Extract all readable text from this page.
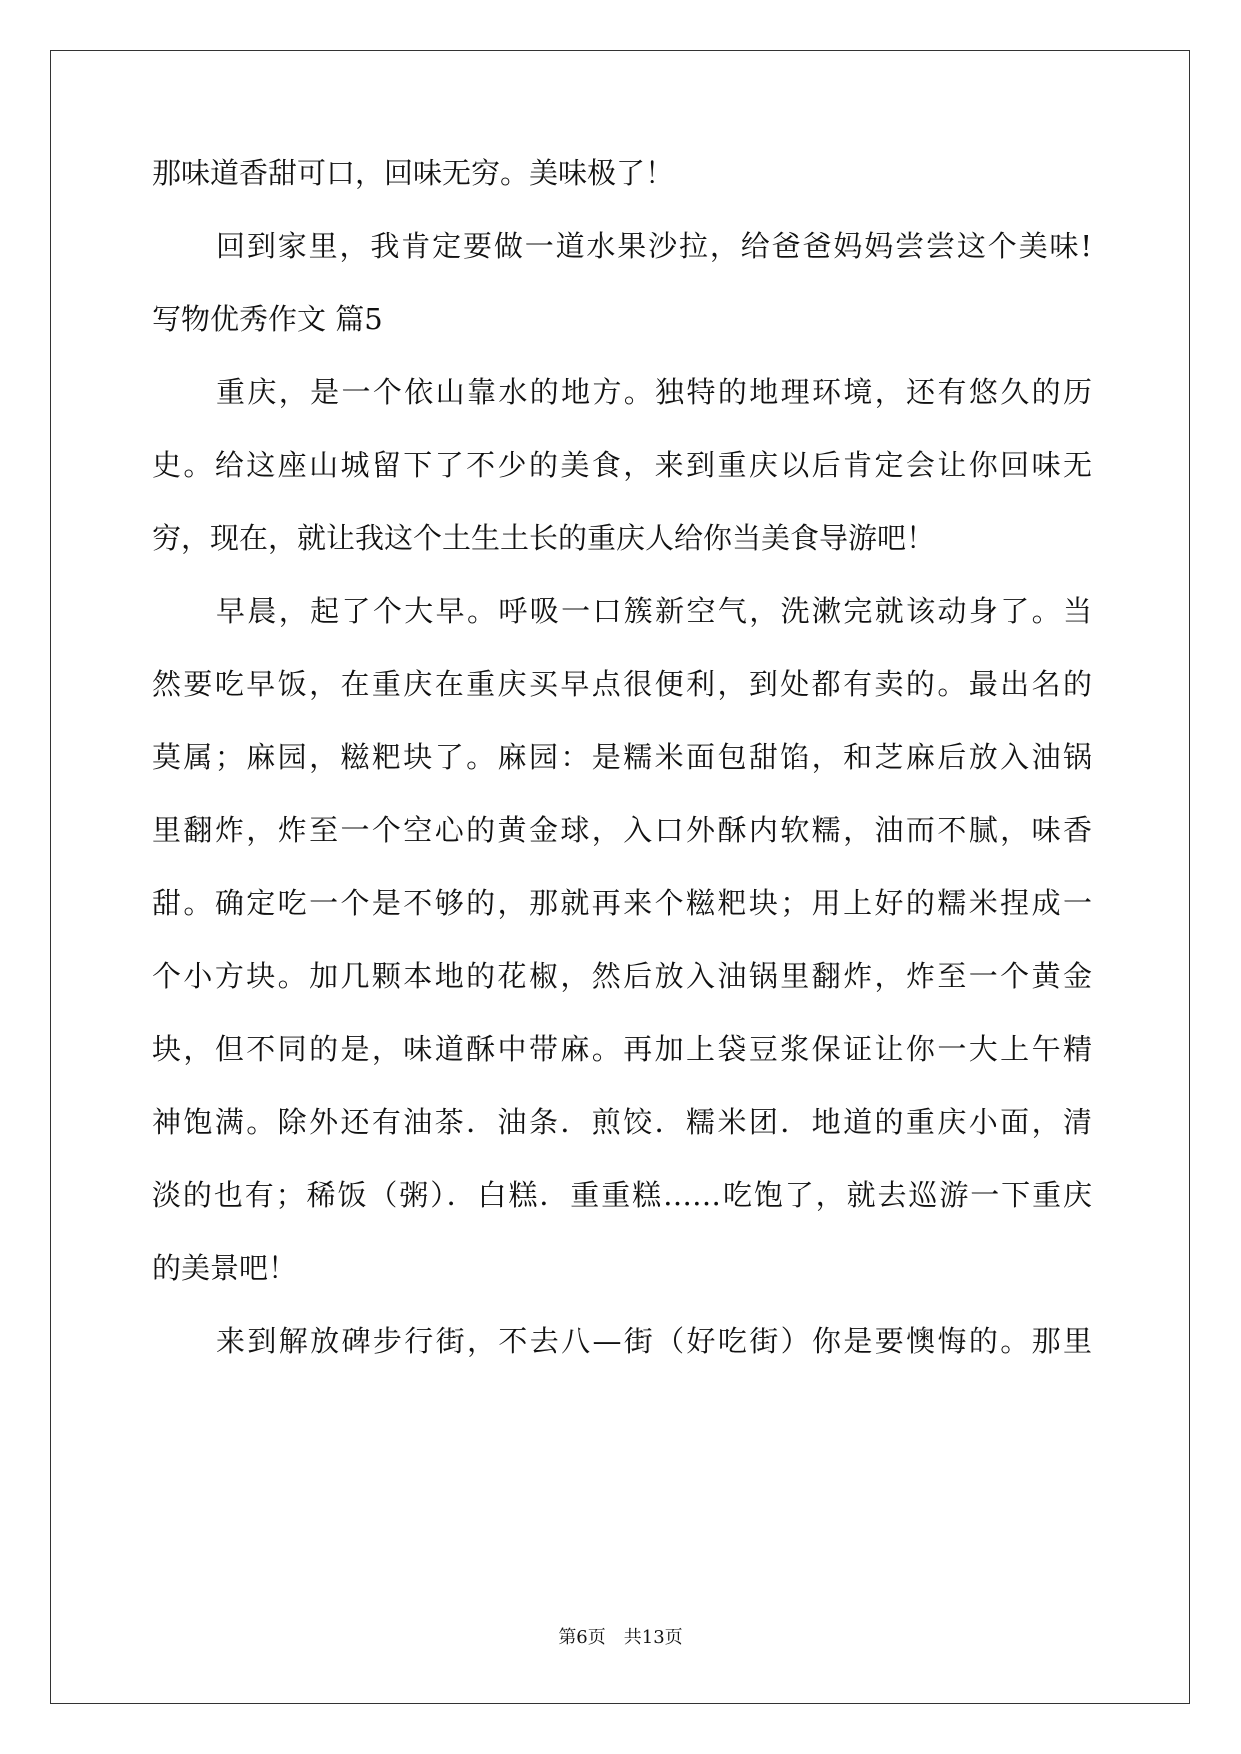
那味道香甜可口，回味无穷。美味极了！
回到家里，我肯定要做一道水果沙拉，给爸爸妈妈尝尝这个美味!
写物优秀作文 篇5
重庆，是一个依山靠水的地方。独特的地理环境，还有悠久的历
史。给这座山城留下了不少的美食，来到重庆以后肯定会让你回味无
穷，现在，就让我这个土生土长的重庆人给你当美食导游吧！
早晨，起了个大早。呼吸一口簇新空气，洗漱完就该动身了。当
然要吃早饭，在重庆在重庆买早点很便利，到处都有卖的。最出名的
莫属；麻园，糍粑块了。麻园：是糯米面包甜馅，和芝麻后放入油锅
里翻炸，炸至一个空心的黄金球，入口外酥内软糯，油而不腻，味香
甜。确定吃一个是不够的，那就再来个糍粑块；用上好的糯米捏成一
个小方块。加几颗本地的花椒，然后放入油锅里翻炸，炸至一个黄金
块，但不同的是，味道酥中带麻。再加上袋豆浆保证让你一大上午精
神饱满。除外还有油茶．油条．煎饺．糯米团．地道的重庆小面，清
淡的也有；稀饭（粥）．白糕．重重糕……吃饱了，就去巡游一下重庆
的美景吧！
来到解放碑步行街，不去八—街（好吃街）你是要懊悔的。那里
第6页　共13页
